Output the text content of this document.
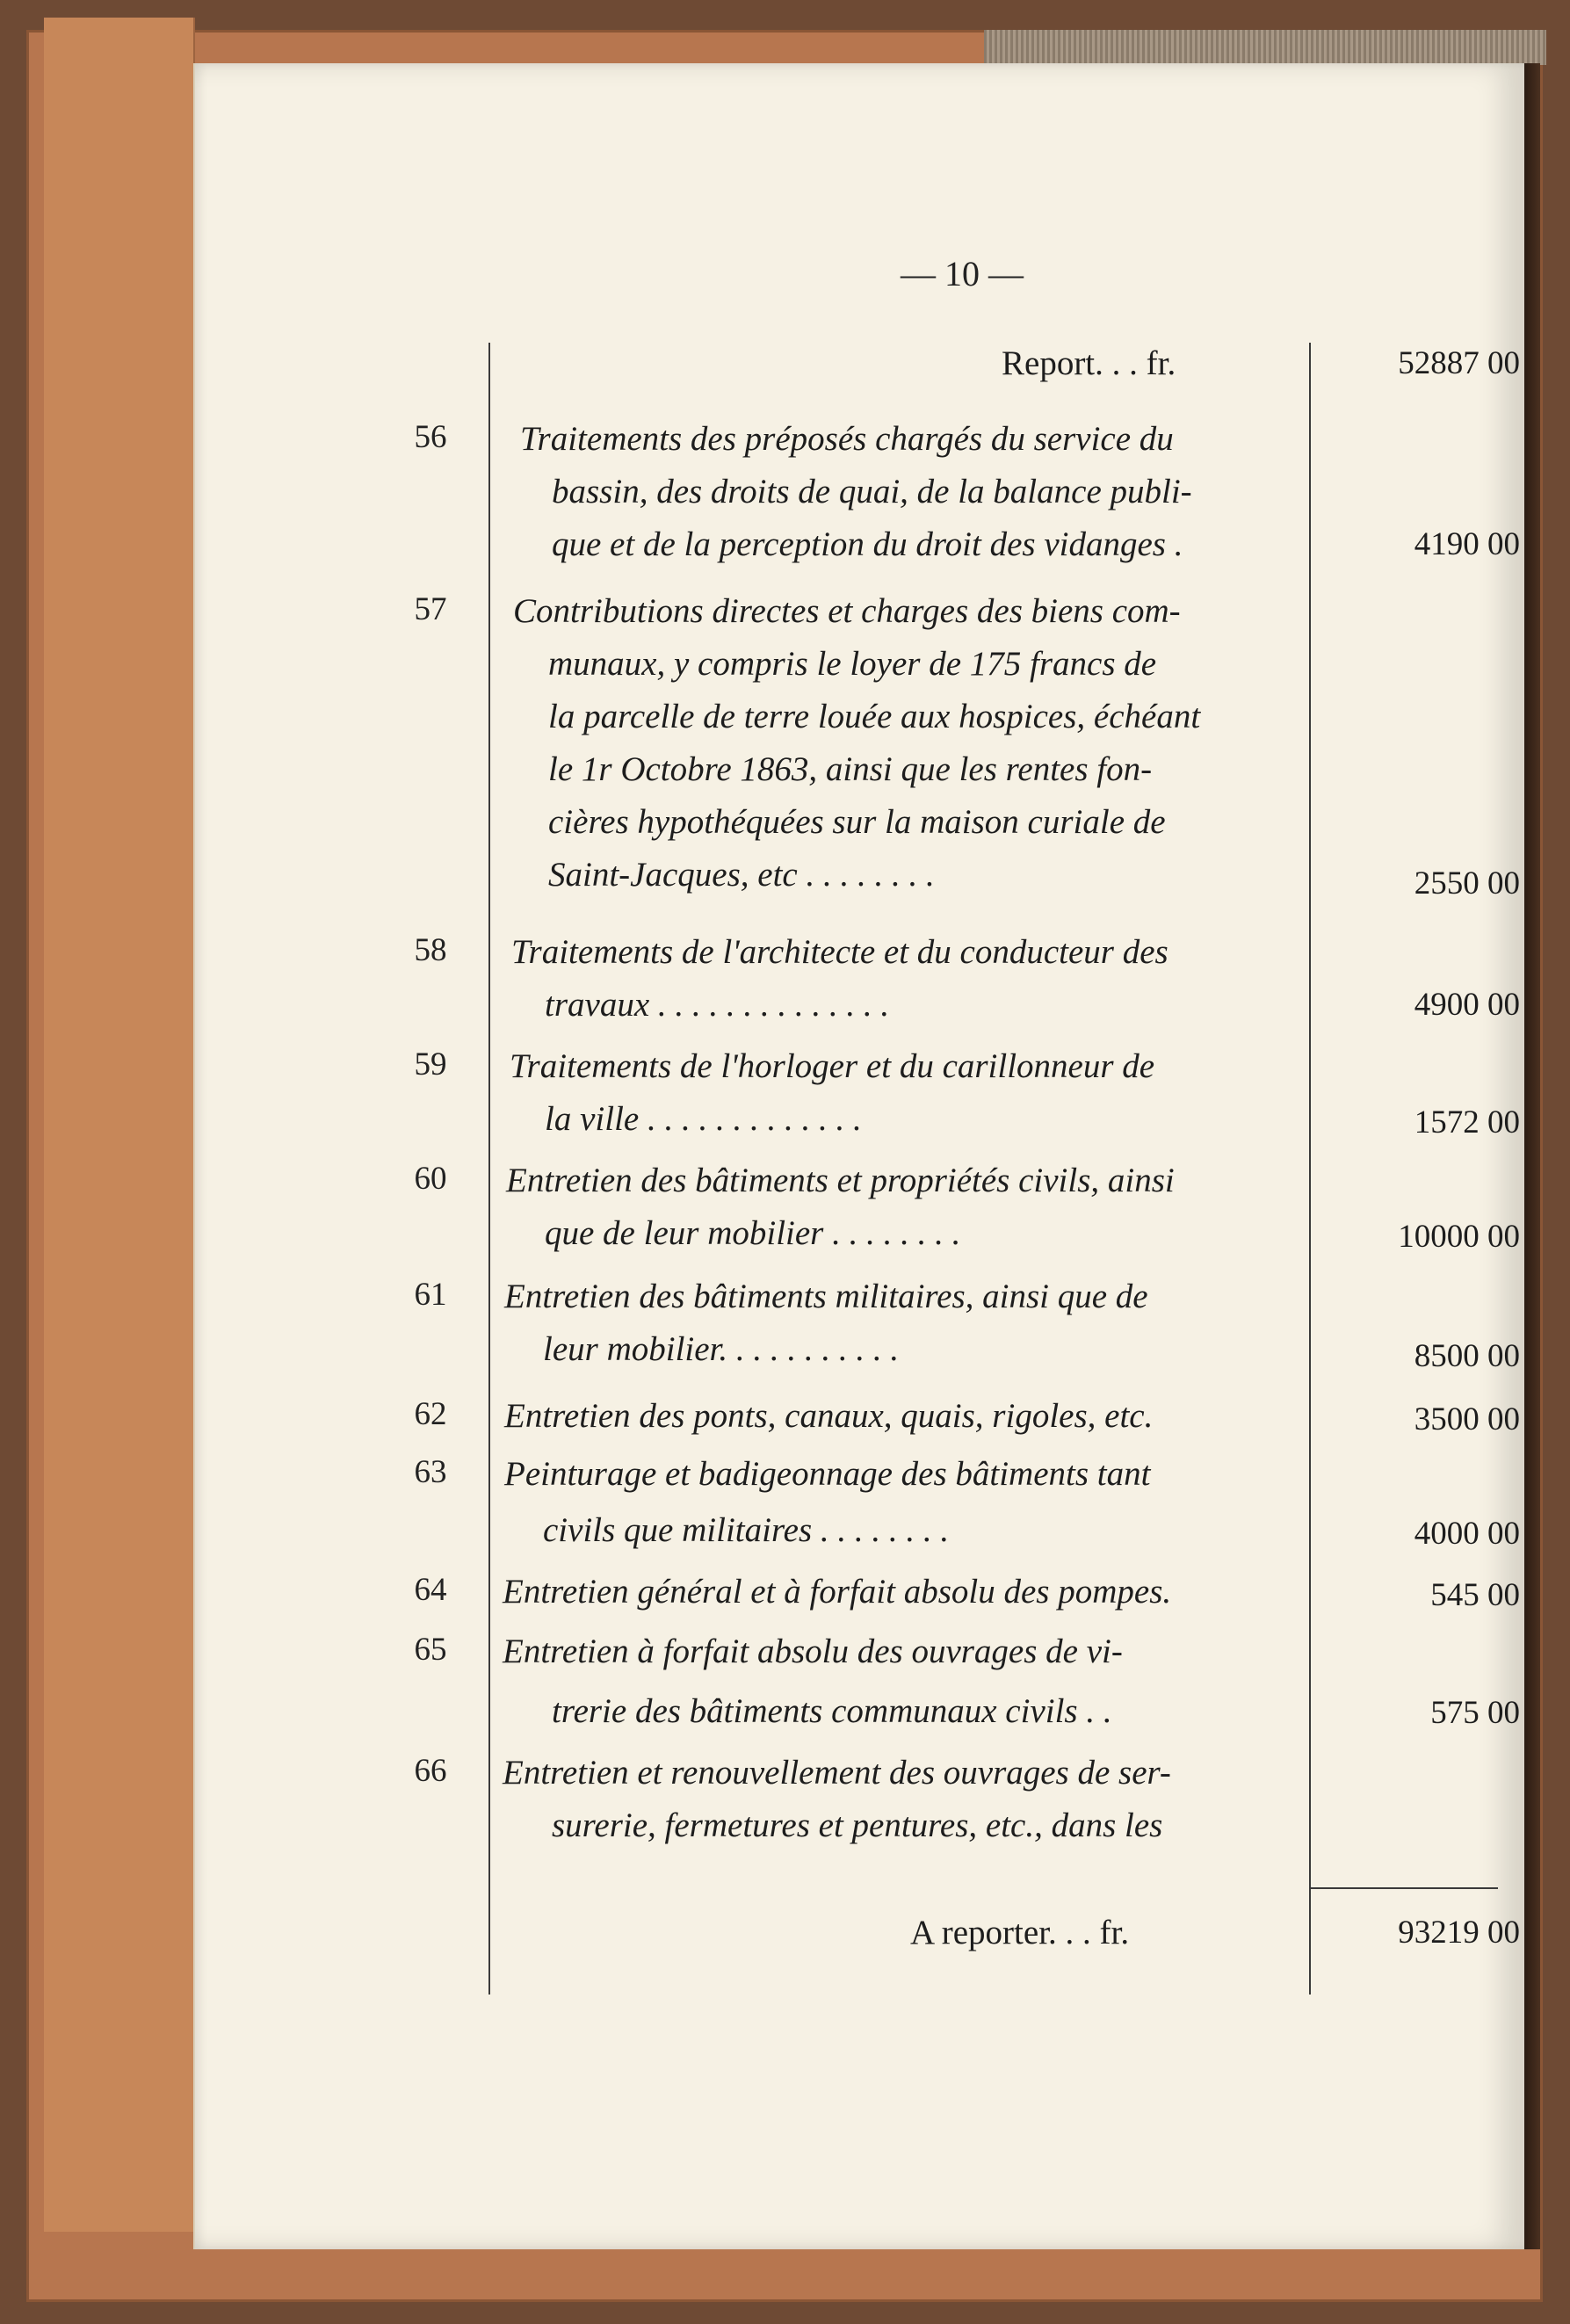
— 10 —
Report. . . fr.	52887 00
56	Traitements des préposés chargés du service du
bassin, des droits de quai, de la balance publi-
que et de la perception du droit des vidanges .	4190 00
57	Contributions directes et charges des biens com-
munaux, y compris le loyer de 175 francs de
la parcelle de terre louée aux hospices, échéant
le 1r Octobre 1863, ainsi que les rentes fon-
cières hypothéquées sur la maison curiale de
Saint-Jacques, etc . . . . . . . .	2550 00
58	Traitements de l'architecte et du conducteur des
travaux . . . . . . . . . . . . . .	4900 00
59	Traitements de l'horloger et du carillonneur de
la ville . . . . . . . . . . . . .	1572 00
60	Entretien des bâtiments et propriétés civils, ainsi
que de leur mobilier . . . . . . . .	10000 00
61	Entretien des bâtiments militaires, ainsi que de
leur mobilier. . . . . . . . . . .	8500 00
62	Entretien des ponts, canaux, quais, rigoles, etc.	3500 00
63	Peinturage et badigeonnage des bâtiments tant
civils que militaires . . . . . . . .	4000 00
64	Entretien général et à forfait absolu des pompes.	545 00
65	Entretien à forfait absolu des ouvrages de vi-
trerie des bâtiments communaux civils . .	575 00
66	Entretien et renouvellement des ouvrages de ser-
surerie, fermetures et pentures, etc., dans les
A reporter. . . fr.	93219 00
